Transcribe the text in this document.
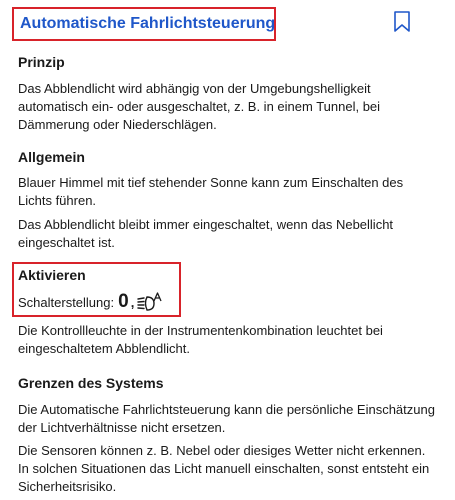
Automatische Fahrlichtsteuerung
Prinzip
Das Abblendlicht wird abhängig von der Umgebungshelligkeit automatisch ein- oder ausgeschaltet, z. B. in einem Tunnel, bei Dämmerung oder Niederschlägen.
Allgemein
Blauer Himmel mit tief stehender Sonne kann zum Einschalten des Lichts führen.
Das Abblendlicht bleibt immer eingeschaltet, wenn das Nebellicht eingeschaltet ist.
Aktivieren
Schalterstellung: 0 ,
Die Kontrollleuchte in der Instrumentenkombination leuchtet bei eingeschaltetem Abblendlicht.
Grenzen des Systems
Die Automatische Fahrlichtsteuerung kann die persönliche Einschätzung der Lichtverhältnisse nicht ersetzen.
Die Sensoren können z. B. Nebel oder diesiges Wetter nicht erkennen. In solchen Situationen das Licht manuell einschalten, sonst entsteht ein Sicherheitsrisiko.
